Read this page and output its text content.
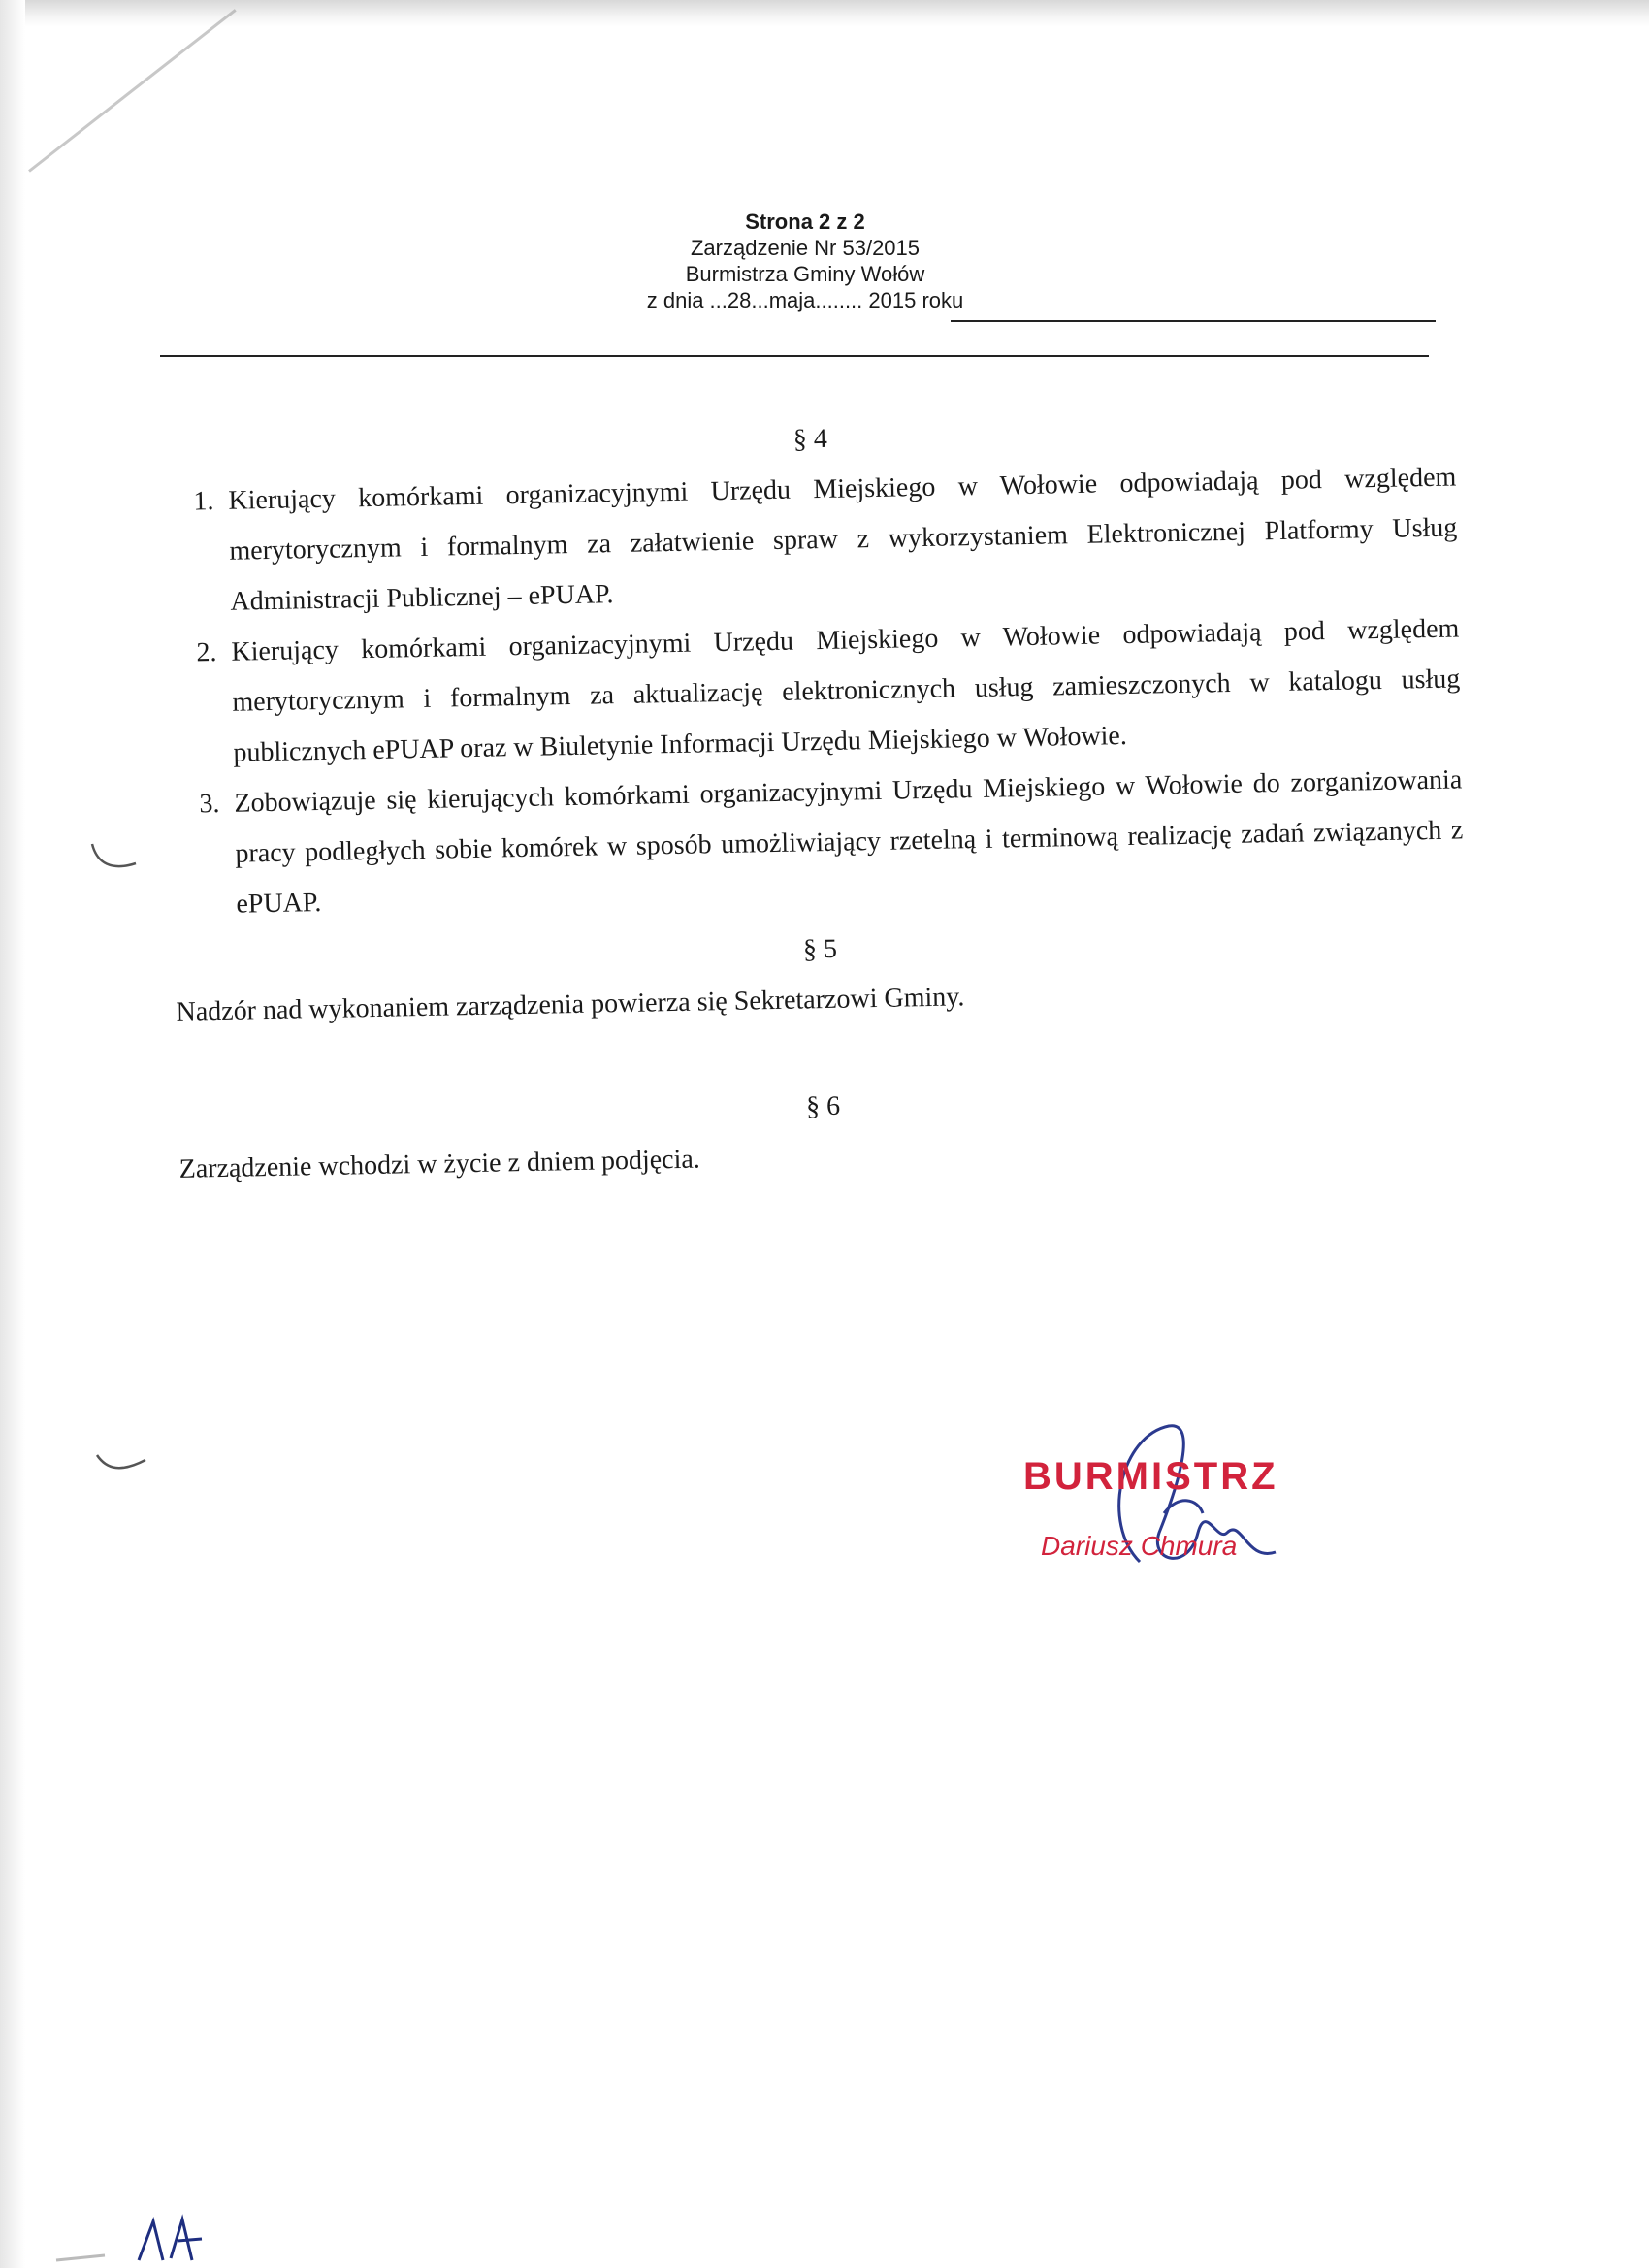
Strona 2 z 2
Zarządzenie Nr 53/2015
Burmistrza Gminy Wołów
z dnia ...28...maja........ 2015 roku

§ 4

1. Kierujący komórkami organizacyjnymi Urzędu Miejskiego w Wołowie odpowiadają pod względem merytorycznym i formalnym za załatwienie spraw z wykorzystaniem Elektronicznej Platformy Usług Administracji Publicznej – ePUAP.
2. Kierujący komórkami organizacyjnymi Urzędu Miejskiego w Wołowie odpowiadają pod względem merytorycznym i formalnym za aktualizację elektronicznych usług zamieszczonych w katalogu usług publicznych ePUAP oraz w Biuletynie Informacji Urzędu Miejskiego w Wołowie.
3. Zobowiązuje się kierujących komórkami organizacyjnymi Urzędu Miejskiego w Wołowie do zorganizowania pracy podległych sobie komórek w sposób umożliwiający rzetelną i terminową realizację zadań związanych z ePUAP.

§ 5

Nadzór nad wykonaniem zarządzenia powierza się Sekretarzowi Gminy.

§ 6

Zarządzenie wchodzi w życie z dniem podjęcia.

BURMISTRZ
Dariusz Chmura
